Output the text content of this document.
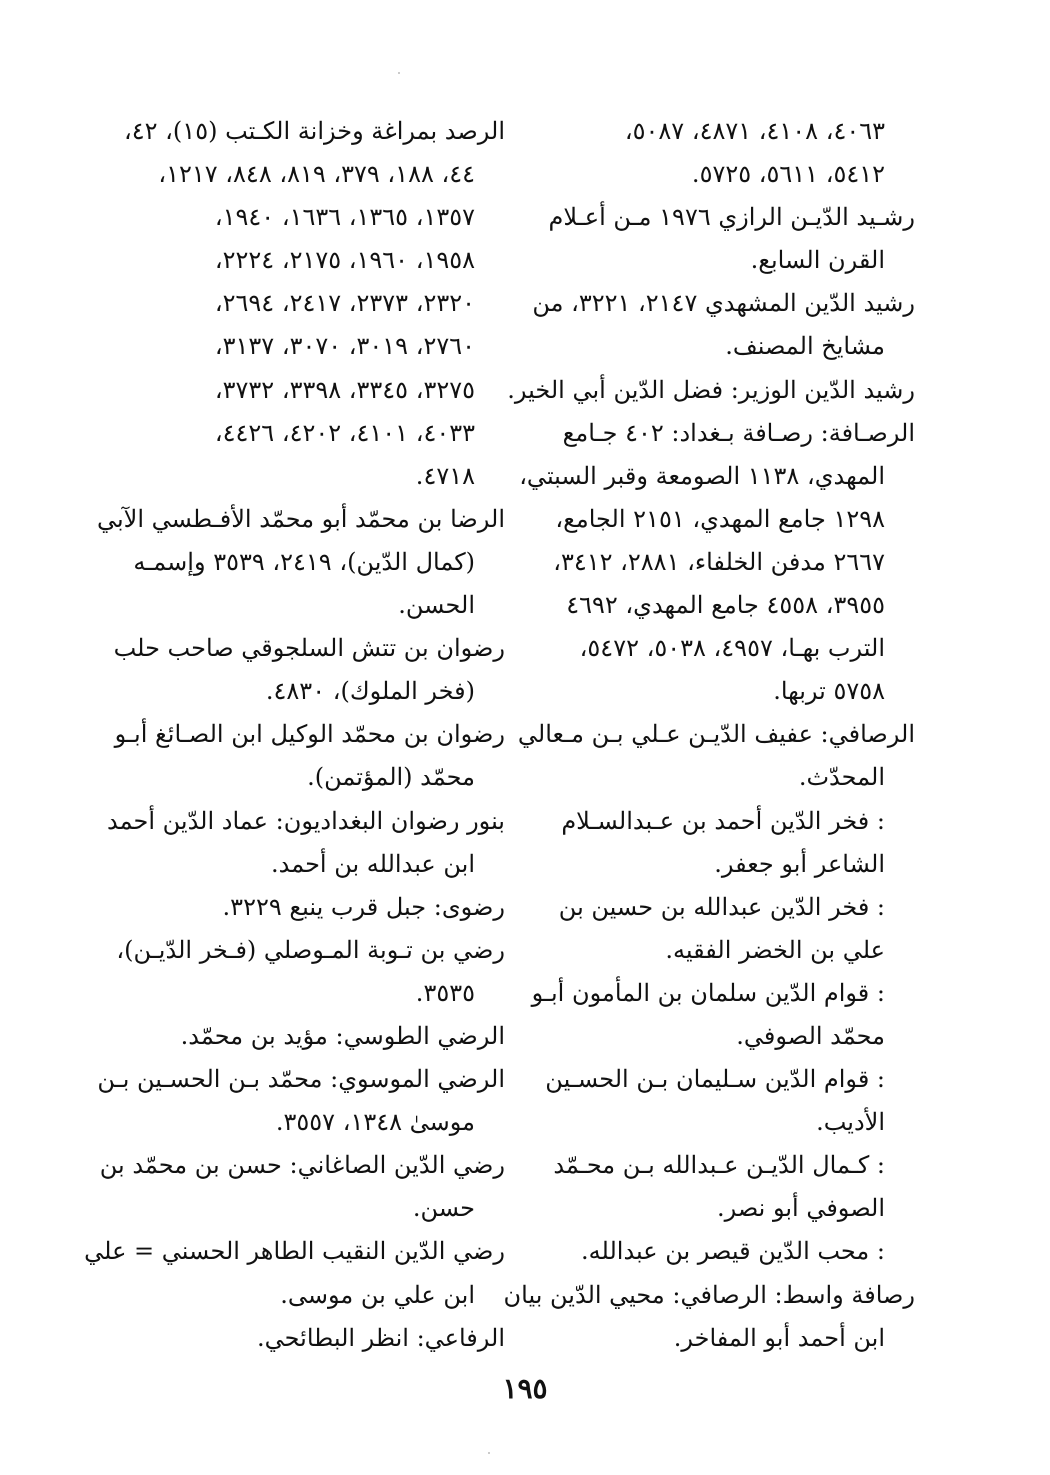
٤٠٦٣، ٤١٠٨، ٤٨٧١، ٥٠٨٧،
٥٤١٢، ٥٦١١، ٥٧٢٥.
رشـيد الدّيـن الرازي ١٩٧٦ مـن أعـلام
القرن السابع.
رشيد الدّين المشهدي ٢١٤٧، ٣٢٢١، من
مشايخ المصنف.
رشيد الدّين الوزير: فضل الدّين أبي الخير.
الرصـافة: رصـافة بـغداد: ٤٠٢ جـامع
المهدي، ١١٣٨ الصومعة وقبر السبتي،
١٢٩٨ جامع المهدي، ٢١٥١ الجامع،
٢٦٦٧ مدفن الخلفاء، ٢٨٨١، ٣٤١٢،
٣٩٥٥، ٤٥٥٨ جامع المهدي، ٤٦٩٢
الترب بهـا، ٤٩٥٧، ٥٠٣٨، ٥٤٧٢،
٥٧٥٨ تربها.
الرصافي: عفيف الدّيـن عـلي بـن مـعالي
المحدّث.
: فخر الدّين أحمد بن عـبدالسـلام
الشاعر أبو جعفر.
: فخر الدّين عبدالله بن حسين بن
علي بن الخضر الفقيه.
: قوام الدّين سلمان بن المأمون أبـو
محمّد الصوفي.
: قوام الدّين سـليمان بـن الحسـين
الأديب.
: كـمال الدّيـن عـبدالله بـن محـمّد
الصوفي أبو نصر.
: محب الدّين قيصر بن عبدالله.
رصافة واسط: الرصافي: محيي الدّين بيان
ابن أحمد أبو المفاخر.
الرصد بمراغة وخزانة الكـتب (١٥)، ٤٢،
٤٤، ١٨٨، ٣٧٩، ٨١٩، ٨٤٨، ١٢١٧،
١٣٥٧، ١٣٦٥، ١٦٣٦، ١٩٤٠،
١٩٥٨، ١٩٦٠، ٢١٧٥، ٢٢٢٤،
٢٣٢٠، ٢٣٧٣، ٢٤١٧، ٢٦٩٤،
٢٧٦٠، ٣٠١٩، ٣٠٧٠، ٣١٣٧،
٣٢٧٥، ٣٣٤٥، ٣٣٩٨، ٣٧٣٢،
٤٠٣٣، ٤١٠١، ٤٢٠٢، ٤٤٢٦،
٤٧١٨.
الرضا بن محمّد أبو محمّد الأفـطسي الآبي
(كمال الدّين)، ٢٤١٩، ٣٥٣٩ وإسمـه
الحسن.
رضوان بن تتش السلجوقي صاحب حلب
(فخر الملوك)، ٤٨٣٠.
رضوان بن محمّد الوكيل ابن الصـائغ أبـو
محمّد (المؤتمن).
بنور رضوان البغداديون: عماد الدّين أحمد
ابن عبدالله بن أحمد.
رضوى: جبل قرب ينبع ٣٢٢٩.
رضي بن تـوبة المـوصلي (فـخر الدّيـن)،
٣٥٣٥.
الرضي الطوسي: مؤيد بن محمّد.
الرضي الموسوي: محمّد بـن الحسـين بـن
موسىٰ ١٣٤٨، ٣٥٥٧.
رضي الدّين الصاغاني: حسن بن محمّد بن
حسن.
رضي الدّين النقيب الطاهر الحسني = علي
ابن علي بن موسى.
الرفاعي: انظر البطائحي.
١٩٥
